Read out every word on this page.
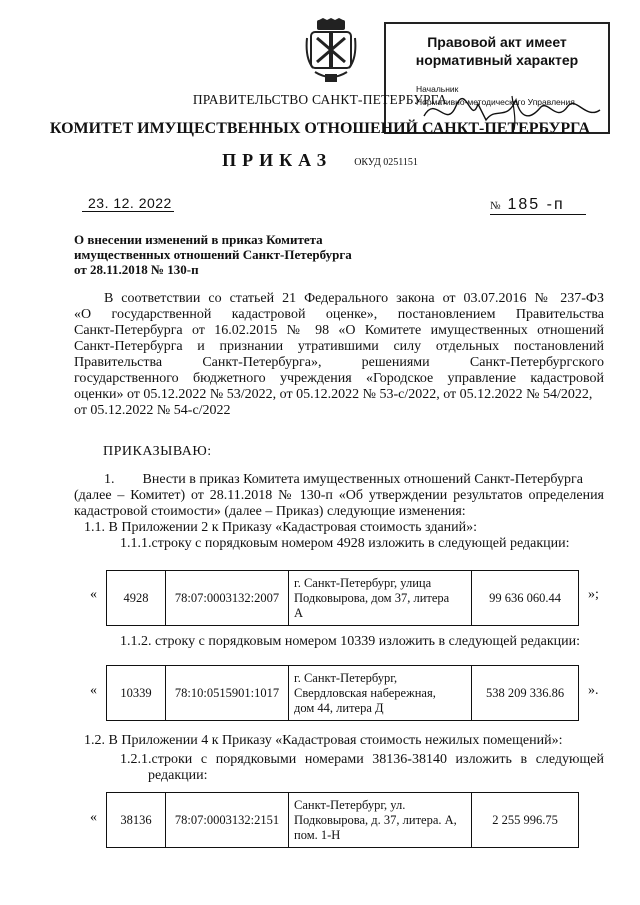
Правовой акт имеет
нормативный характер
Начальник
Нормативно-методического Управления
ПРАВИТЕЛЬСТВО САНКТ-ПЕТЕРБУРГА
КОМИТЕТ ИМУЩЕСТВЕННЫХ ОТНОШЕНИЙ САНКТ-ПЕТЕРБУРГА
ПРИКАЗ ОКУД 0251151
23. 12. 2022	№ 185 -п
О внесении изменений в приказ Комитета
имущественных отношений Санкт-Петербурга
от 28.11.2018 № 130-п
В соответствии со статьей 21 Федерального закона от 03.07.2016 № 237-ФЗ
«О государственной кадастровой оценке», постановлением Правительства
Санкт-Петербурга от 16.02.2015 № 98 «О Комитете имущественных отношений
Санкт-Петербурга и признании утратившими силу отдельных постановлений
Правительства Санкт-Петербурга», решениями Санкт-Петербургского
государственного бюджетного учреждения «Городское управление кадастровой
оценки» от 05.12.2022 № 53/2022, от 05.12.2022 № 53-с/2022, от 05.12.2022 № 54/2022,
от 05.12.2022 № 54-с/2022
ПРИКАЗЫВАЮ:
1.        Внести в приказ Комитета имущественных отношений Санкт-Петербурга
(далее – Комитет) от 28.11.2018 № 130-п «Об утверждении результатов определения
кадастровой стоимости» (далее – Приказ) следующие изменения:
1.1. В Приложении 2 к Приказу «Кадастровая стоимость зданий»:
1.1.1.строку с порядковым номером 4928 изложить в следующей редакции:
« 4928	78:07:0003132:2007	
г. Санкт-Петербург, улица
Подковырова, дом 37, литера
А
	99 636 060.44 »;
1.1.2. строку с порядковым номером 10339 изложить в следующей редакции:
« 10339	78:10:0515901:1017	
г. Санкт-Петербург,
Свердловская набережная,
дом 44, литера Д
	538 209 336.86 ».
1.2. В Приложении 4 к Приказу «Кадастровая стоимость нежилых помещений»:
1.2.1.строки с порядковыми номерами 38136-38140 изложить в следующей
редакции:
« 38136	78:07:0003132:2151	
Санкт-Петербург, ул.
Подковырова, д. 37, литера. А,
пом. 1-Н
	2 255 996.75
